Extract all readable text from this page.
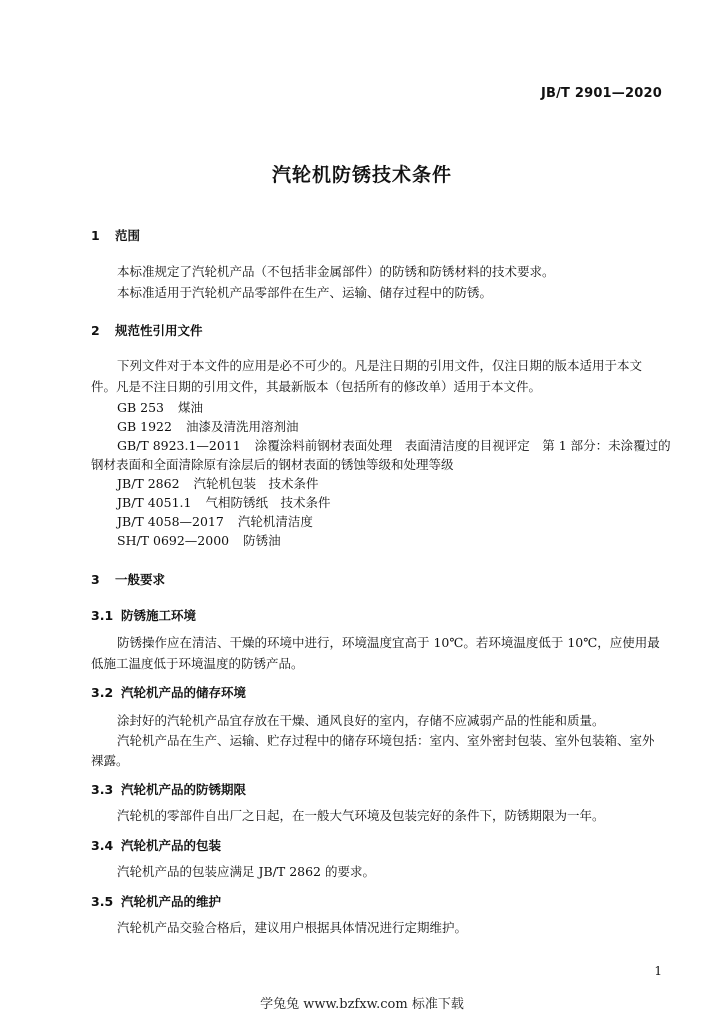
JB/T 2901—2020
汽轮机防锈技术条件
1 范围
本标准规定了汽轮机产品（不包括非金属部件）的防锈和防锈材料的技术要求。
本标准适用于汽轮机产品零部件在生产、运输、储存过程中的防锈。
2 规范性引用文件
下列文件对于本文件的应用是必不可少的。凡是注日期的引用文件，仅注日期的版本适用于本文
件。凡是不注日期的引用文件，其最新版本（包括所有的修改单）适用于本文件。
GB 253 煤油
GB 1922 油漆及清洗用溶剂油
GB/T 8923.1—2011 涂覆涂料前钢材表面处理　表面清洁度的目视评定　第 1 部分：未涂覆过的
钢材表面和全面清除原有涂层后的钢材表面的锈蚀等级和处理等级
JB/T 2862 汽轮机包装　技术条件
JB/T 4051.1 气相防锈纸　技术条件
JB/T 4058—2017 汽轮机清洁度
SH/T 0692—2000 防锈油
3 一般要求
3.1 防锈施工环境
防锈操作应在清洁、干燥的环境中进行，环境温度宜高于 10℃。若环境温度低于 10℃，应使用最
低施工温度低于环境温度的防锈产品。
3.2 汽轮机产品的储存环境
涂封好的汽轮机产品宜存放在干燥、通风良好的室内，存储不应减弱产品的性能和质量。
汽轮机产品在生产、运输、贮存过程中的储存环境包括：室内、室外密封包装、室外包装箱、室外
裸露。
3.3 汽轮机产品的防锈期限
汽轮机的零部件自出厂之日起，在一般大气环境及包装完好的条件下，防锈期限为一年。
3.4 汽轮机产品的包装
汽轮机产品的包装应满足 JB/T 2862 的要求。
3.5 汽轮机产品的维护
汽轮机产品交验合格后，建议用户根据具体情况进行定期维护。
1
学兔兔 www.bzfxw.com 标准下载
